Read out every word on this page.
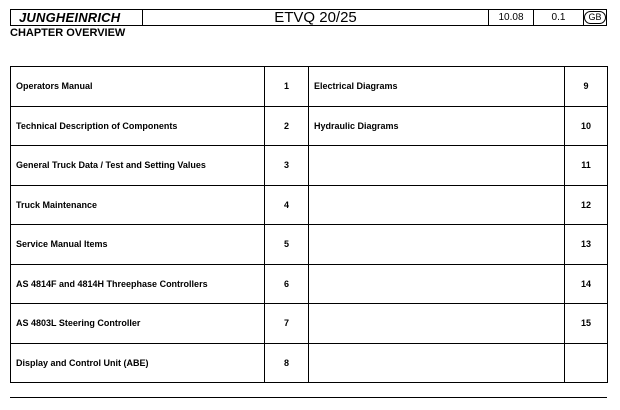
JUNGHEINRICH	ETVQ 20/25	10.08	0.1	GB
CHAPTER OVERVIEW
Operators Manual	1	Electrical Diagrams	9
Technical Description of Components	2	Hydraulic Diagrams	10
General Truck Data / Test and Setting Values	3		11
Truck Maintenance	4		12
Service Manual Items	5		13
AS 4814F and 4814H Threephase Controllers	6		14
AS 4803L Steering Controller	7		15
Display and Control Unit (ABE)	8		
